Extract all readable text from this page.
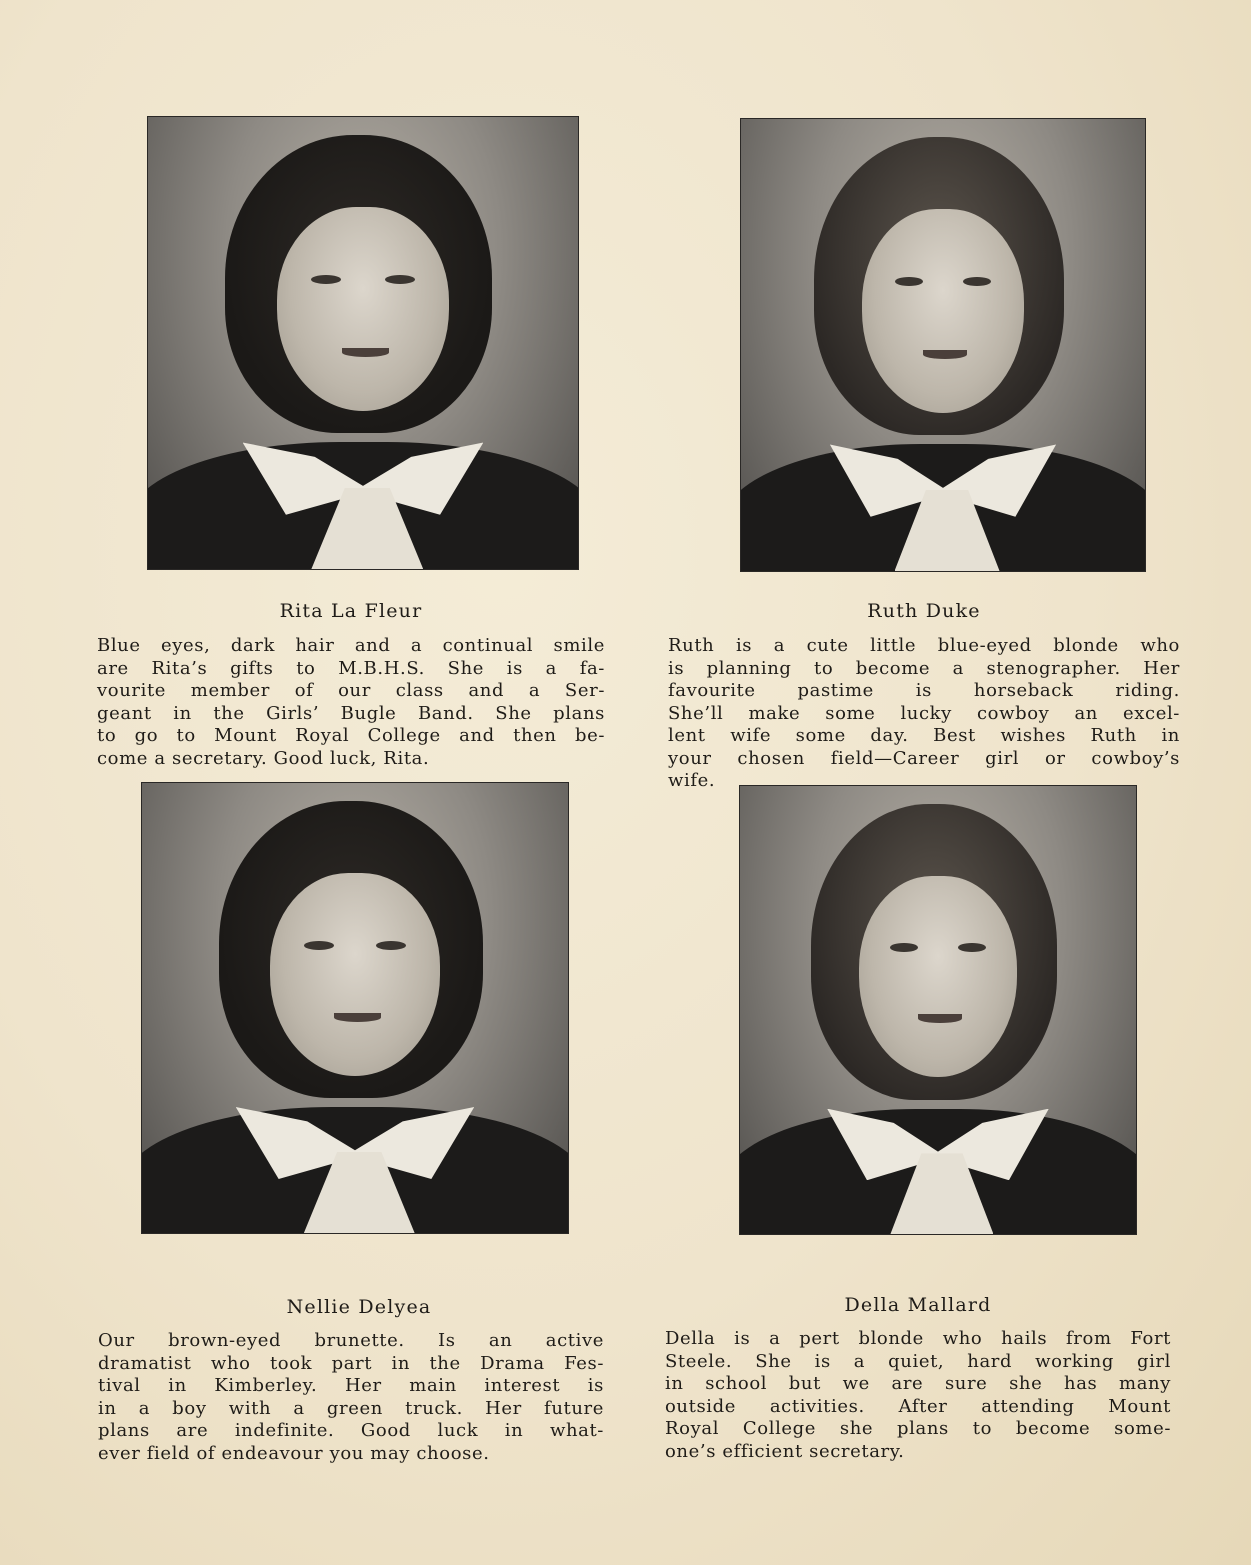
Rita La Fleur
Blue eyes, dark hair and a continual smile
are Rita’s gifts to M.B.H.S. She is a fa-
vourite member of our class and a Ser-
geant in the Girls’ Bugle Band. She plans
to go to Mount Royal College and then be-
come a secretary. Good luck, Rita.
Ruth Duke
Ruth is a cute little blue-eyed blonde who
is planning to become a stenographer. Her
favourite pastime is horseback riding.
She’ll make some lucky cowboy an excel-
lent wife some day. Best wishes Ruth in
your chosen field—Career girl or cowboy’s
wife.
Nellie Delyea
Our brown-eyed brunette. Is an active
dramatist who took part in the Drama Fes-
tival in Kimberley. Her main interest is
in a boy with a green truck. Her future
plans are indefinite. Good luck in what-
ever field of endeavour you may choose.
Della Mallard
Della is a pert blonde who hails from Fort
Steele. She is a quiet, hard working girl
in school but we are sure she has many
outside activities. After attending Mount
Royal College she plans to become some-
one’s efficient secretary.
